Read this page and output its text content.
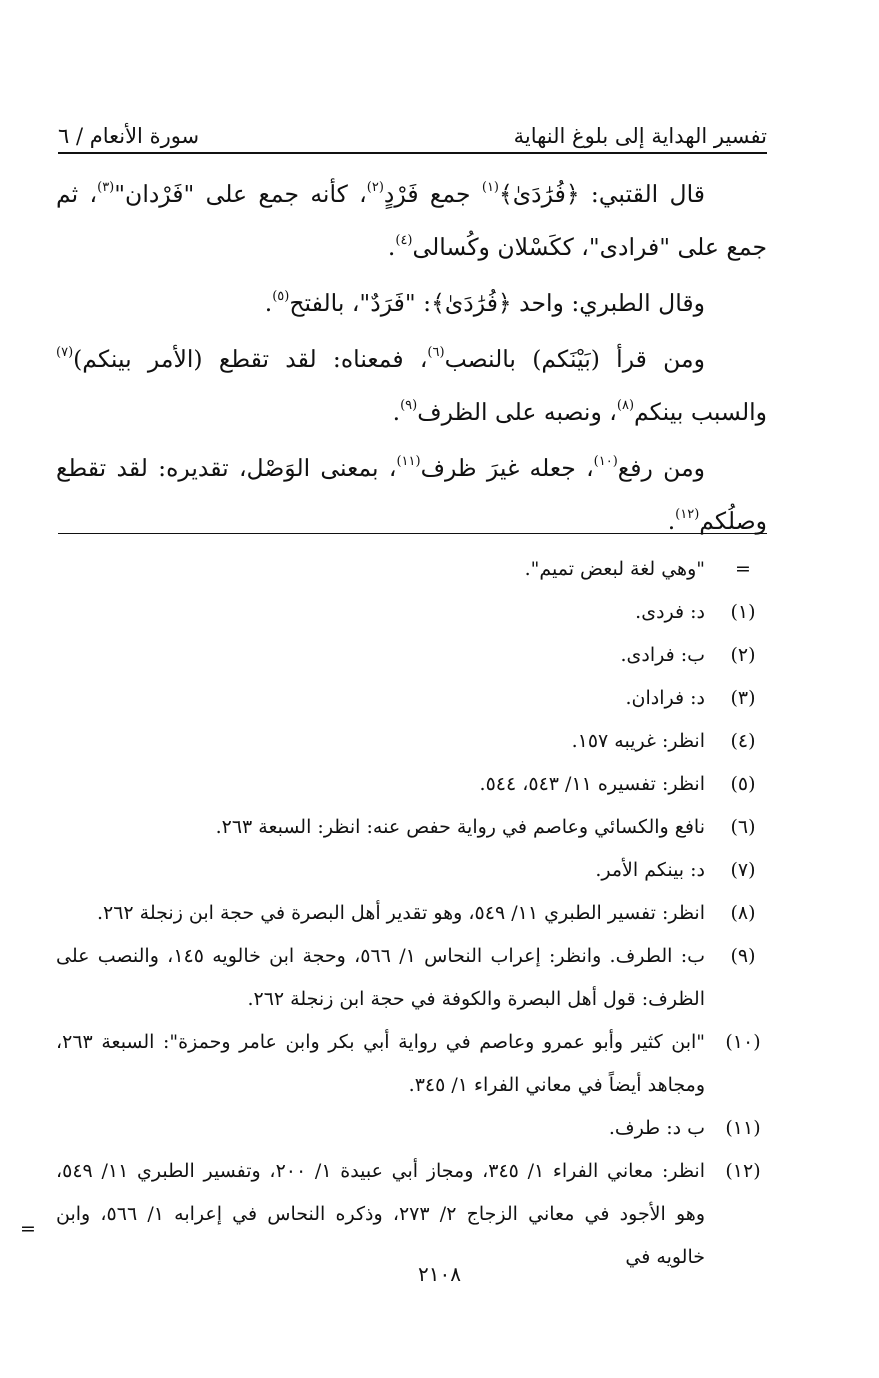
تفسير الهداية إلى بلوغ النهاية
سورة الأنعام / ٦

قال القتبي: ﴿فُرَٰدَىٰ﴾$^{(١)}$ جمع فَرْدٍ$^{(٢)}$، كأنه جمع على "فَرْدان"$^{(٣)}$، ثم جمع على "فرادى"، ككَسْلان وكُسالى$^{(٤)}$.

وقال الطبري: واحد ﴿فُرَٰدَىٰ﴾: "فَرَدٌ"، بالفتح$^{(٥)}$.

ومن قرأ (بَيْنَكم) بالنصب$^{(٦)}$، فمعناه: لقد تقطع (الأمر بينكم)$^{(٧)}$ والسبب بينكم$^{(٨)}$، ونصبه على الظرف$^{(٩)}$.

ومن رفع$^{(١٠)}$، جعله غيرَ ظرف$^{(١١)}$، بمعنى الوَصْل، تقديره: لقد تقطع وصلُكم$^{(١٢)}$.

=
"وهي لغة لبعض تميم".
(١)
د: فردى.
(٢)
ب: فرادى.
(٣)
د: فرادان.
(٤)
انظر: غريبه ١٥٧.
(٥)
انظر: تفسيره ١١/ ٥٤٣، ٥٤٤.
(٦)
نافع والكسائي وعاصم في رواية حفص عنه: انظر: السبعة ٢٦٣.
(٧)
د: بينكم الأمر.
(٨)
انظر: تفسير الطبري ١١/ ٥٤٩، وهو تقدير أهل البصرة في حجة ابن زنجلة ٢٦٢.
(٩)
ب: الطرف. وانظر: إعراب النحاس ١/ ٥٦٦، وحجة ابن خالويه ١٤٥، والنصب على الظرف: قول أهل البصرة والكوفة في حجة ابن زنجلة ٢٦٢.
(١٠)
"ابن كثير وأبو عمرو وعاصم في رواية أبي بكر وابن عامر وحمزة": السبعة ٢٦٣، ومجاهد أيضاً في معاني الفراء ١/ ٣٤٥.
(١١)
ب د: طرف.
(١٢)
انظر: معاني الفراء ١/ ٣٤٥، ومجاز أبي عبيدة ١/ ٢٠٠، وتفسير الطبري ١١/ ٥٤٩، وهو الأجود في معاني الزجاج ٢/ ٢٧٣، وذكره النحاس في إعرابه ١/ ٥٦٦، وابن خالويه في
=
٢١٠٨
